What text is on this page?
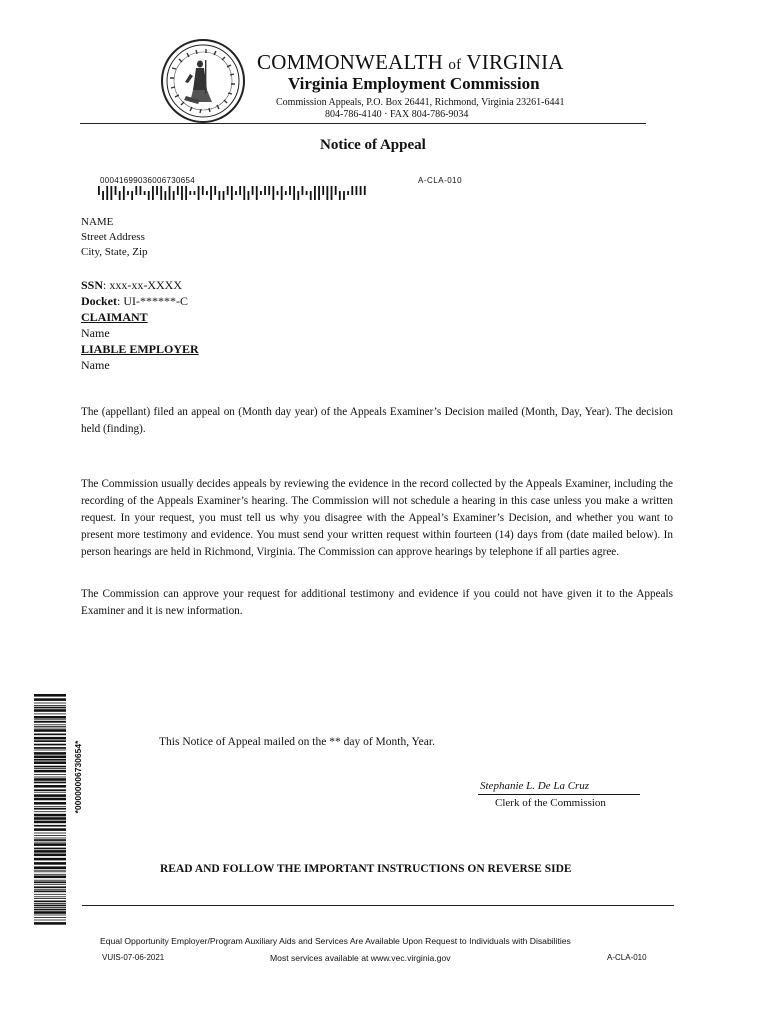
COMMONWEALTH of VIRGINIA
Virginia Employment Commission
Commission Appeals, P.O. Box 26441, Richmond, Virginia 23261-6441
804-786-4140 · FAX 804-786-9034
Notice of Appeal
00041699036006730654	A-CLA-010
NAME
Street Address
City, State, Zip
SSN: xxx-xx-XXXX
Docket: UI-******-C
CLAIMANT
Name
LIABLE EMPLOYER
Name

The (appellant) filed an appeal on (Month day year) of the Appeals Examiner’s Decision mailed (Month, Day, Year). The decision held (finding).

The Commission usually decides appeals by reviewing the evidence in the record collected by the Appeals Examiner, including the recording of the Appeals Examiner’s hearing. The Commission will not schedule a hearing in this case unless you make a written request. In your request, you must tell us why you disagree with the Appeal’s Examiner’s Decision, and whether you want to present more testimony and evidence. You must send your written request within fourteen (14) days from (date mailed below). In person hearings are held in Richmond, Virginia. The Commission can approve hearings by telephone if all parties agree.

The Commission can approve your request for additional testimony and evidence if you could not have given it to the Appeals Examiner and it is new information.

*00000006730654*	This Notice of Appeal mailed on the ** day of Month, Year.
Stephanie L. De La Cruz
Clerk of the Commission
READ AND FOLLOW THE IMPORTANT INSTRUCTIONS ON REVERSE SIDE
Equal Opportunity Employer/Program Auxiliary Aids and Services Are Available Upon Request to Individuals with Disabilities
VUIS-07-06-2021	Most services available at www.vec.virginia.gov	A-CLA-010
